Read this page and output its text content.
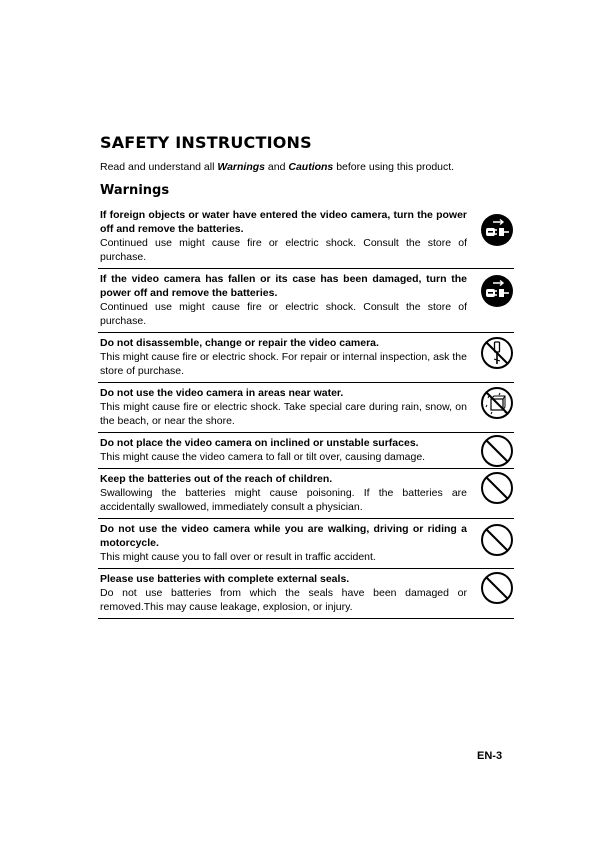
SAFETY INSTRUCTIONS

Read and understand all Warnings and Cautions before using this product.

Warnings

If foreign objects or water have entered the video camera, turn the power off and remove the batteries.

Continued use might cause fire or electric shock. Consult the store of purchase.

If the video camera has fallen or its case has been damaged, turn the power off and remove the batteries.

Continued use might cause fire or electric shock. Consult the store of purchase.

Do not disassemble, change or repair the video camera.

This might cause fire or electric shock. For repair or internal inspection, ask the store of purchase.

Do not use the video camera in areas near water.

This might cause fire or electric shock. Take special care during rain, snow, on the beach, or near the shore.

Do not place the video camera on inclined or unstable surfaces.

This might cause the video camera to fall or tilt over, causing damage.

Keep the batteries out of the reach of children.

Swallowing the batteries might cause poisoning. If the batteries are accidentally swallowed, immediately consult a physician.

Do not use the video camera while you are walking, driving or riding a motorcycle.

This might cause you to fall over or result in traffic accident.

Please use batteries with complete external seals.

Do not use batteries from which the seals have been damaged or removed.This may cause leakage, explosion, or injury.

EN-3
